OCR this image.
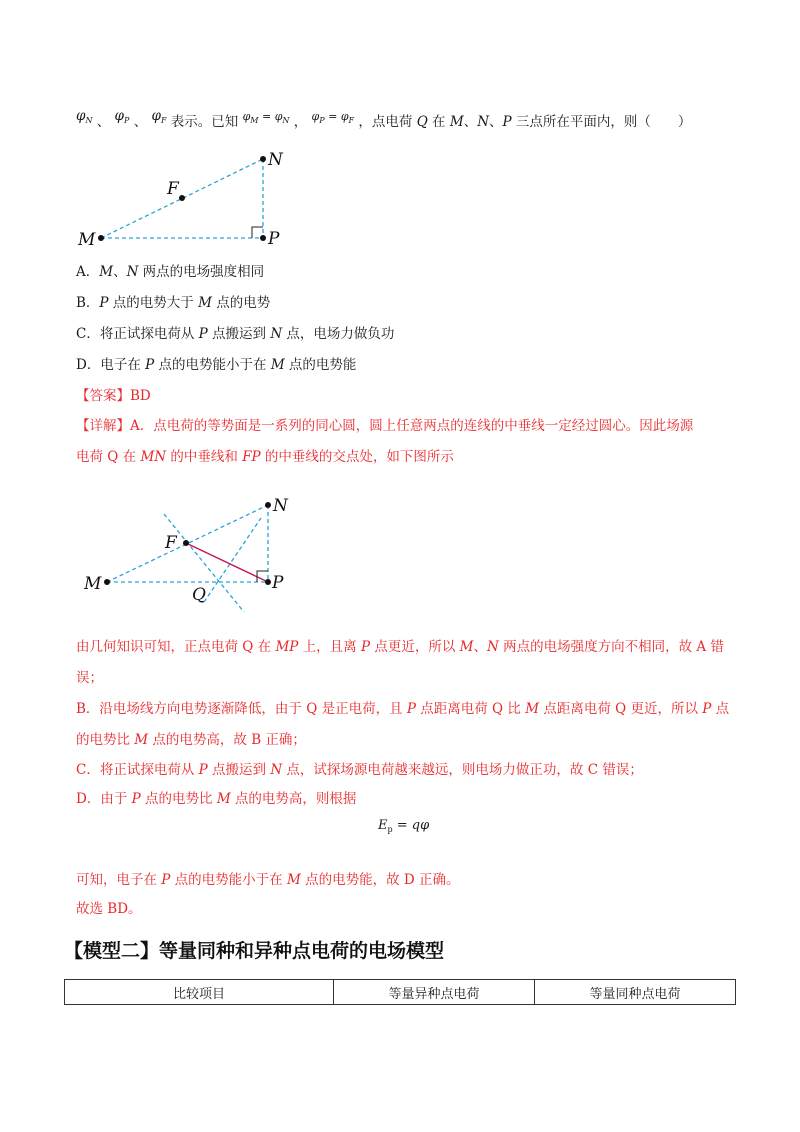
$\varphi_N$ 、 $\varphi_P$ 、 $\varphi_F$ 表示。已知 $\varphi_M = \varphi_N$ ， $\varphi_P = \varphi_F$ ，点电荷 Q 在 M、N、P 三点所在平面内，则（　　）
N
F
M	P
A．M、N 两点的电场强度相同
B．P 点的电势大于 M 点的电势
C．将正试探电荷从 P 点搬运到 N 点，电场力做负功
D．电子在 P 点的电势能小于在 M 点的电势能
【答案】BD
【详解】A．点电荷的等势面是一系列的同心圆，圆上任意两点的连线的中垂线一定经过圆心。因此场源
电荷 Q 在 MN 的中垂线和 FP 的中垂线的交点处，如下图所示
N
F
M	P
Q
由几何知识可知，正点电荷 Q 在 MP 上，且离 P 点更近，所以 M、N 两点的电场强度方向不相同，故 A 错
误；
B．沿电场线方向电势逐渐降低，由于 Q 是正电荷，且 P 点距离电荷 Q 比 M 点距离电荷 Q 更近，所以 P 点
的电势比 M 点的电势高，故 B 正确；
C．将正试探电荷从 P 点搬运到 N 点，试探场源电荷越来越远，则电场力做正功，故 C 错误；
D．由于 P 点的电势比 M 点的电势高，则根据
$E_p = q\varphi$
可知，电子在 P 点的电势能小于在 M 点的电势能，故 D 正确。
故选 BD。
【模型二】等量同种和异种点电荷的电场模型
比较项目	等量异种点电荷	等量同种点电荷
